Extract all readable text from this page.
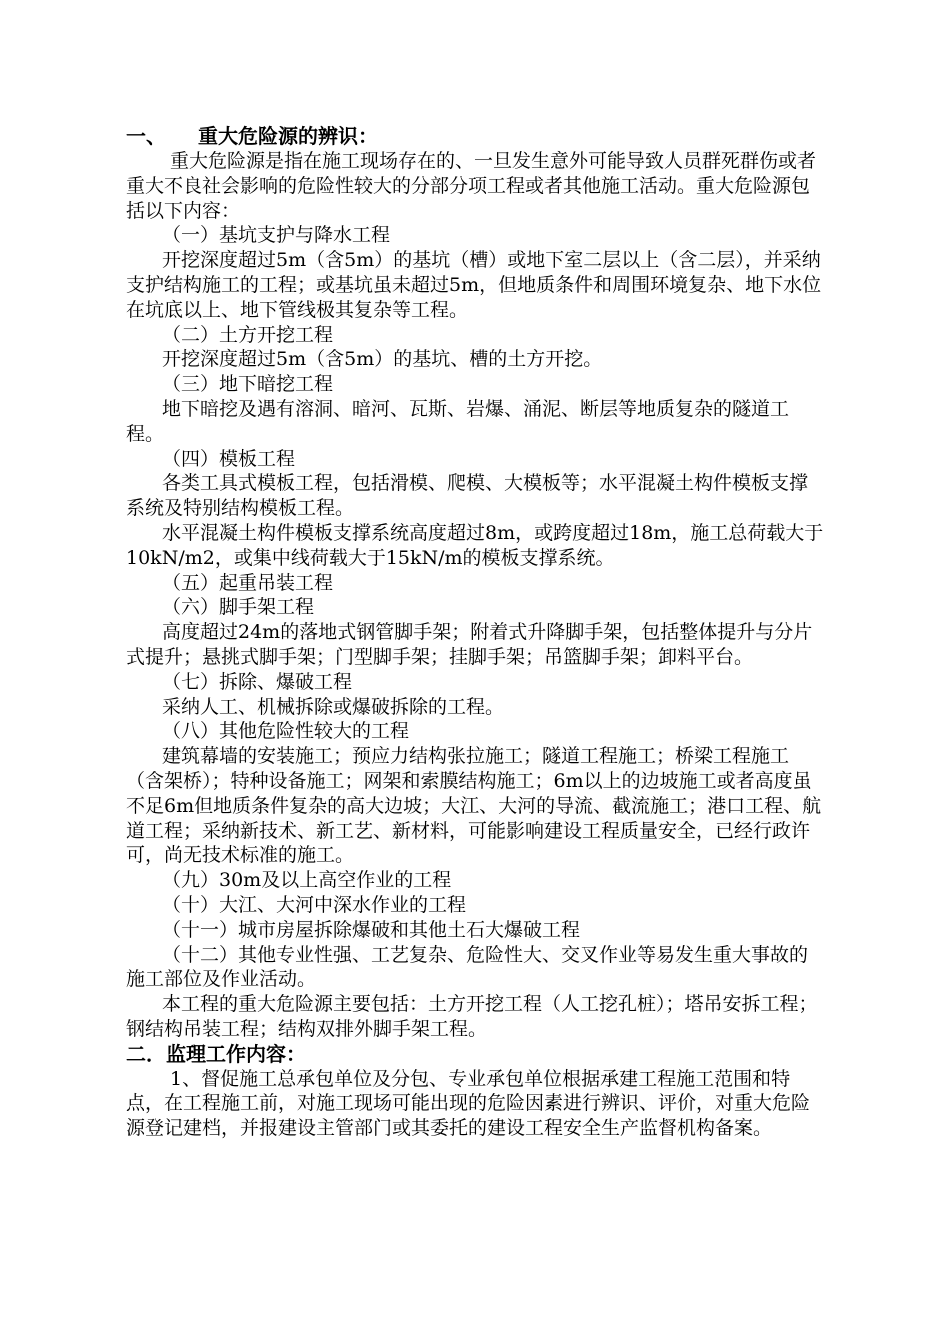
一、 重大危险源的辨识：

重大危险源是指在施工现场存在的、一旦发生意外可能导致人员群死群伤或者重大不良社会影响的危险性较大的分部分项工程或者其他施工活动。重大危险源包括以下内容：

（一）基坑支护与降水工程

开挖深度超过5m（含5m）的基坑（槽）或地下室二层以上（含二层），并采纳支护结构施工的工程；或基坑虽未超过5m，但地质条件和周围环境复杂、地下水位在坑底以上、地下管线极其复杂等工程。

（二）土方开挖工程

开挖深度超过5m（含5m）的基坑、槽的土方开挖。

（三）地下暗挖工程

地下暗挖及遇有溶洞、暗河、瓦斯、岩爆、涌泥、断层等地质复杂的隧道工程。

（四）模板工程

各类工具式模板工程，包括滑模、爬模、大模板等；水平混凝土构件模板支撑系统及特别结构模板工程。

水平混凝土构件模板支撑系统高度超过8m，或跨度超过18m，施工总荷载大于10kN/m2，或集中线荷载大于15kN/m的模板支撑系统。

（五）起重吊装工程

（六）脚手架工程

高度超过24m的落地式钢管脚手架；附着式升降脚手架，包括整体提升与分片式提升；悬挑式脚手架；门型脚手架；挂脚手架；吊篮脚手架；卸料平台。

（七）拆除、爆破工程

采纳人工、机械拆除或爆破拆除的工程。

（八）其他危险性较大的工程

建筑幕墙的安装施工；预应力结构张拉施工；隧道工程施工；桥梁工程施工（含架桥）；特种设备施工；网架和索膜结构施工；6m以上的边坡施工或者高度虽不足6m但地质条件复杂的高大边坡；大江、大河的导流、截流施工；港口工程、航道工程；采纳新技术、新工艺、新材料，可能影响建设工程质量安全，已经行政许可，尚无技术标准的施工。

（九）30m及以上高空作业的工程

（十）大江、大河中深水作业的工程

（十一）城市房屋拆除爆破和其他土石大爆破工程

（十二）其他专业性强、工艺复杂、危险性大、交叉作业等易发生重大事故的施工部位及作业活动。

本工程的重大危险源主要包括：土方开挖工程（人工挖孔桩）；塔吊安拆工程；钢结构吊装工程；结构双排外脚手架工程。

二．监理工作内容：

1、督促施工总承包单位及分包、专业承包单位根据承建工程施工范围和特点，在工程施工前，对施工现场可能出现的危险因素进行辨识、评价，对重大危险源登记建档，并报建设主管部门或其委托的建设工程安全生产监督机构备案。
